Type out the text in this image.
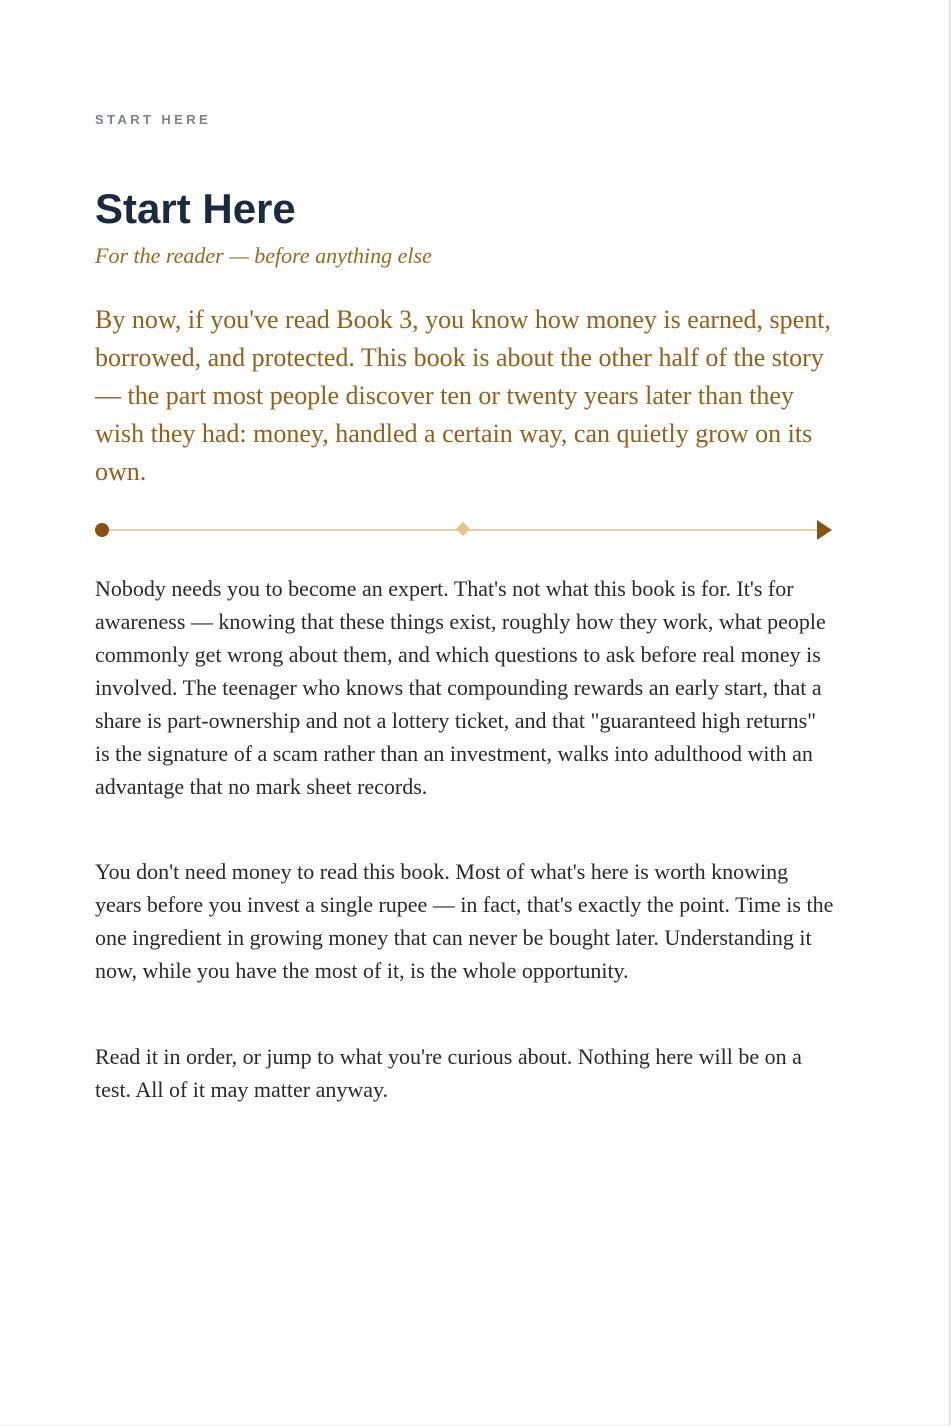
START HERE
Start Here
For the reader — before anything else

By now, if you've read Book 3, you know how money is earned, spent, borrowed, and protected. This book is about the other half of the story — the part most people discover ten or twenty years later than they wish they had: money, handled a certain way, can quietly grow on its own.

Nobody needs you to become an expert. That's not what this book is for. It's for awareness — knowing that these things exist, roughly how they work, what people commonly get wrong about them, and which questions to ask before real money is involved. The teenager who knows that compounding rewards an early start, that a share is part-ownership and not a lottery ticket, and that "guaranteed high returns" is the signature of a scam rather than an investment, walks into adulthood with an advantage that no mark sheet records.

You don't need money to read this book. Most of what's here is worth knowing years before you invest a single rupee — in fact, that's exactly the point. Time is the one ingredient in growing money that can never be bought later. Understanding it now, while you have the most of it, is the whole opportunity.

Read it in order, or jump to what you're curious about. Nothing here will be on a test. All of it may matter anyway.
